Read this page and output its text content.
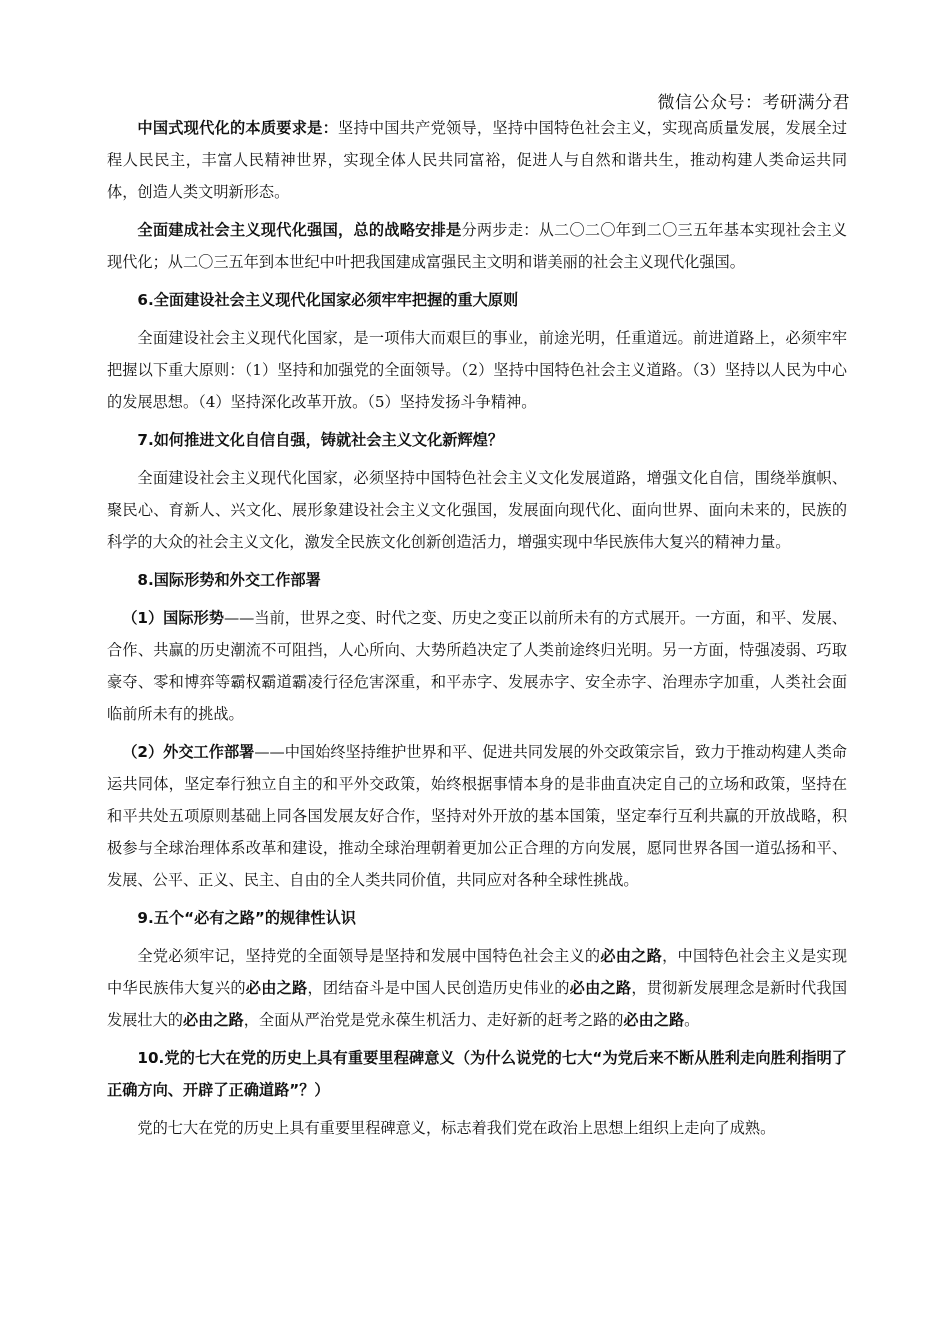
微信公众号：考研满分君

中国式现代化的本质要求是：坚持中国共产党领导，坚持中国特色社会主义，实现高质量发展，发展全过程人民民主，丰富人民精神世界，实现全体人民共同富裕，促进人与自然和谐共生，推动构建人类命运共同体，创造人类文明新形态。

全面建成社会主义现代化强国，总的战略安排是分两步走：从二〇二〇年到二〇三五年基本实现社会主义现代化；从二〇三五年到本世纪中叶把我国建成富强民主文明和谐美丽的社会主义现代化强国。

6.全面建设社会主义现代化国家必须牢牢把握的重大原则

全面建设社会主义现代化国家，是一项伟大而艰巨的事业，前途光明，任重道远。前进道路上，必须牢牢把握以下重大原则：（1）坚持和加强党的全面领导。（2）坚持中国特色社会主义道路。（3）坚持以人民为中心的发展思想。（4）坚持深化改革开放。（5）坚持发扬斗争精神。

7.如何推进文化自信自强，铸就社会主义文化新辉煌？

全面建设社会主义现代化国家，必须坚持中国特色社会主义文化发展道路，增强文化自信，围绕举旗帜、聚民心、育新人、兴文化、展形象建设社会主义文化强国，发展面向现代化、面向世界、面向未来的，民族的科学的大众的社会主义文化，激发全民族文化创新创造活力，增强实现中华民族伟大复兴的精神力量。

8.国际形势和外交工作部署

（1）国际形势——当前，世界之变、时代之变、历史之变正以前所未有的方式展开。一方面，和平、发展、合作、共赢的历史潮流不可阻挡，人心所向、大势所趋决定了人类前途终归光明。另一方面，恃强凌弱、巧取豪夺、零和博弈等霸权霸道霸凌行径危害深重，和平赤字、发展赤字、安全赤字、治理赤字加重，人类社会面临前所未有的挑战。

（2）外交工作部署——中国始终坚持维护世界和平、促进共同发展的外交政策宗旨，致力于推动构建人类命运共同体，坚定奉行独立自主的和平外交政策，始终根据事情本身的是非曲直决定自己的立场和政策，坚持在和平共处五项原则基础上同各国发展友好合作，坚持对外开放的基本国策，坚定奉行互利共赢的开放战略，积极参与全球治理体系改革和建设，推动全球治理朝着更加公正合理的方向发展，愿同世界各国一道弘扬和平、发展、公平、正义、民主、自由的全人类共同价值，共同应对各种全球性挑战。

9.五个“必有之路”的规律性认识

全党必须牢记，坚持党的全面领导是坚持和发展中国特色社会主义的必由之路，中国特色社会主义是实现中华民族伟大复兴的必由之路，团结奋斗是中国人民创造历史伟业的必由之路，贯彻新发展理念是新时代我国发展壮大的必由之路，全面从严治党是党永葆生机活力、走好新的赶考之路的必由之路。

10.党的七大在党的历史上具有重要里程碑意义（为什么说党的七大“为党后来不断从胜利走向胜利指明了正确方向、开辟了正确道路”？）

党的七大在党的历史上具有重要里程碑意义，标志着我们党在政治上思想上组织上走向了成熟。
